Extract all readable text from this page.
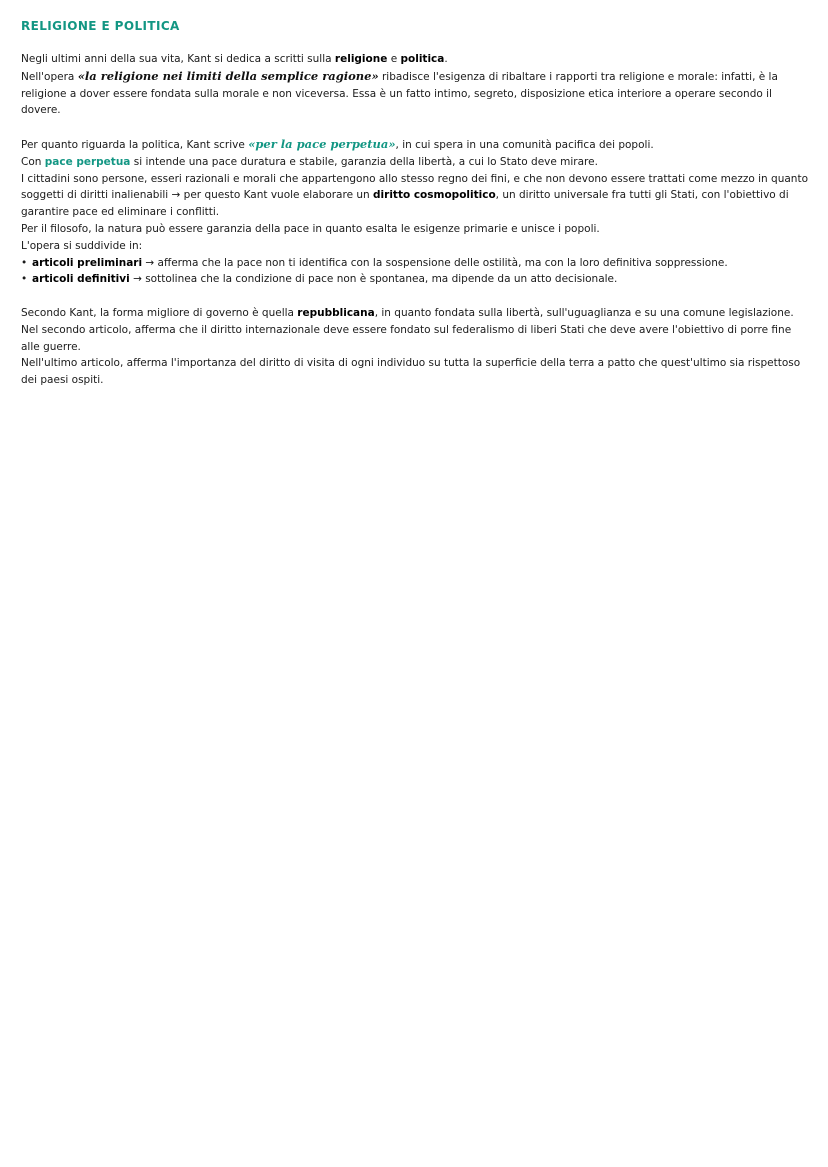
RELIGIONE E POLITICA

Negli ultimi anni della sua vita, Kant si dedica a scritti sulla religione e politica.

Nell'opera «la religione nei limiti della semplice ragione» ribadisce l'esigenza di ribaltare i rapporti tra religione e morale: infatti, è la religione a dover essere fondata sulla morale e non viceversa. Essa è un fatto intimo, segreto, disposizione etica interiore a operare secondo il dovere.

Per quanto riguarda la politica, Kant scrive «per la pace perpetua», in cui spera in una comunità pacifica dei popoli.

Con pace perpetua si intende una pace duratura e stabile, garanzia della libertà, a cui lo Stato deve mirare.

I cittadini sono persone, esseri razionali e morali che appartengono allo stesso regno dei fini, e che non devono essere trattati come mezzo in quanto soggetti di diritti inalienabili → per questo Kant vuole elaborare un diritto cosmopolitico, un diritto universale fra tutti gli Stati, con l'obiettivo di garantire pace ed eliminare i conflitti.

Per il filosofo, la natura può essere garanzia della pace in quanto esalta le esigenze primarie e unisce i popoli.

L'opera si suddivide in:

• articoli preliminari → afferma che la pace non ti identifica con la sospensione delle ostilità, ma con la loro definitiva soppressione.
• articoli definitivi → sottolinea che la condizione di pace non è spontanea, ma dipende da un atto decisionale.

Secondo Kant, la forma migliore di governo è quella repubblicana, in quanto fondata sulla libertà, sull'uguaglianza e su una comune legislazione.

Nel secondo articolo, afferma che il diritto internazionale deve essere fondato sul federalismo di liberi Stati che deve avere l'obiettivo di porre fine alle guerre.

Nell'ultimo articolo, afferma l'importanza del diritto di visita di ogni individuo su tutta la superficie della terra a patto che quest'ultimo sia rispettoso dei paesi ospiti.
